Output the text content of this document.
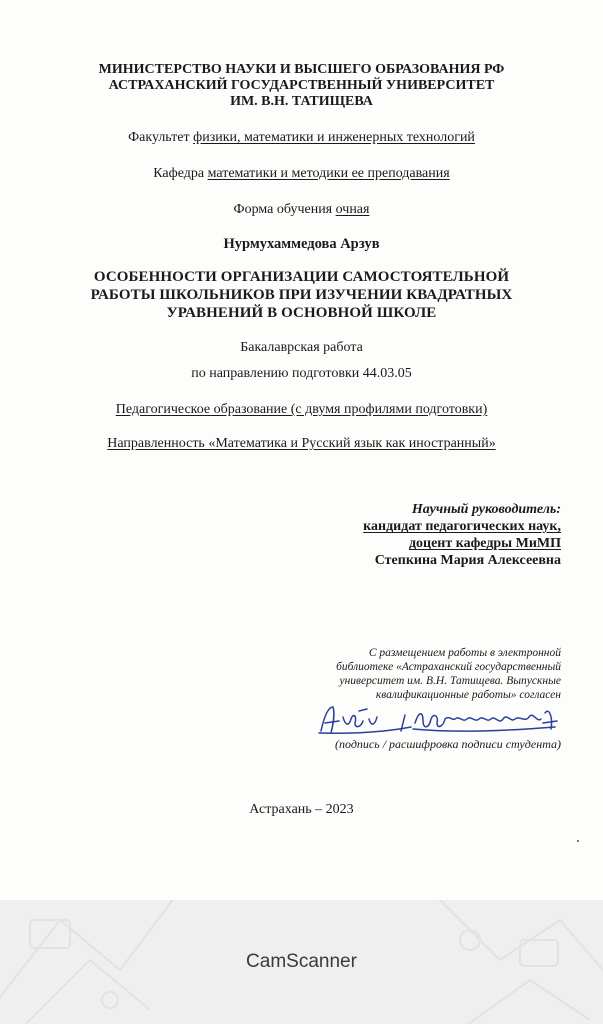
МИНИСТЕРСТВО НАУКИ И ВЫСШЕГО ОБРАЗОВАНИЯ РФ
АСТРАХАНСКИЙ ГОСУДАРСТВЕННЫЙ УНИВЕРСИТЕТ
ИМ. В.Н. ТАТИЩЕВА
Факультет физики, математики и инженерных технологий
Кафедра математики и методики ее преподавания
Форма обучения очная
Нурмухаммедова Арзув
ОСОБЕННОСТИ ОРГАНИЗАЦИИ САМОСТОЯТЕЛЬНОЙ
РАБОТЫ ШКОЛЬНИКОВ ПРИ ИЗУЧЕНИИ КВАДРАТНЫХ
УРАВНЕНИЙ В ОСНОВНОЙ ШКОЛЕ
Бакалаврская работа
по направлению подготовки 44.03.05
Педагогическое образование (с двумя профилями подготовки)
Направленность «Математика и Русский язык как иностранный»
Научный руководитель:
кандидат педагогических наук,
доцент кафедры МиМП
Степкина Мария Алексеевна
С размещением работы в электронной
библиотеке «Астраханский государственный
университет им. В.Н. Татищева. Выпускные
квалификационные работы» согласен
(подпись / расшифровка подписи студента)
Астрахань – 2023
CamScanner
